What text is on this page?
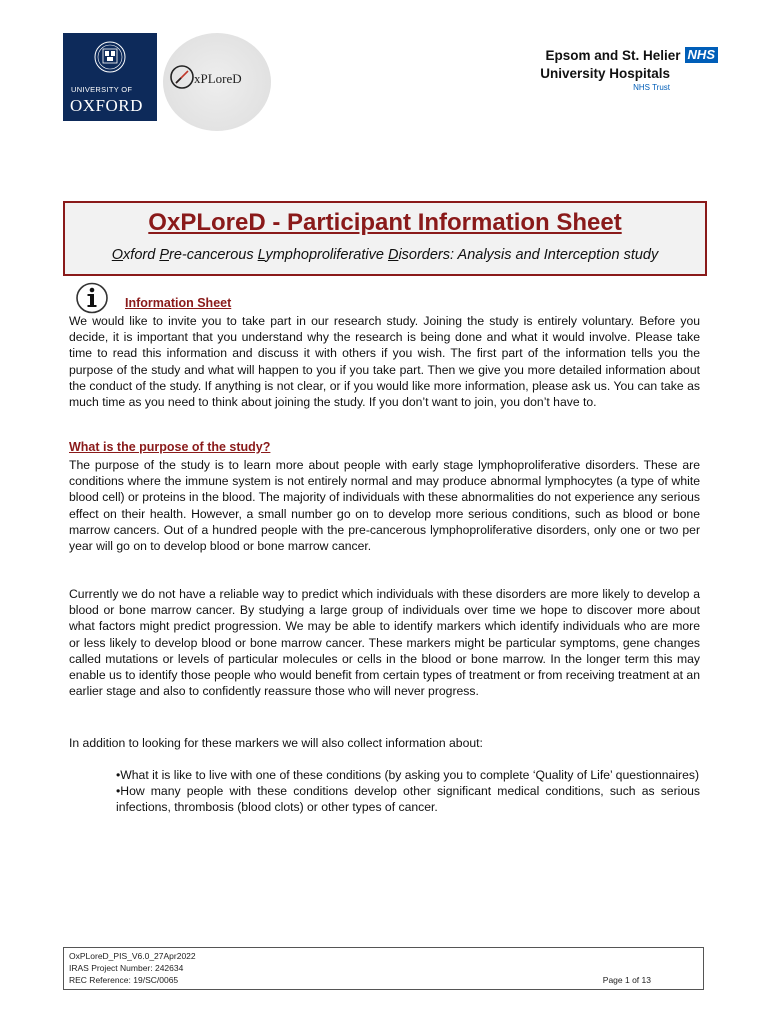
UNIVERSITY OF
OXFORD
xPLoreD
Epsom and St. Helier NHS
University Hospitals
NHS Trust
OxPLoreD - Participant Information Sheet
Oxford Pre-cancerous Lymphoproliferative Disorders: Analysis and Interception study
Information Sheet
We would like to invite you to take part in our research study. Joining the study is entirely voluntary. Before you decide, it is important that you understand why the research is being done and what it would involve. Please take time to read this information and discuss it with others if you wish. The first part of the information tells you the purpose of the study and what will happen to you if you take part. Then we give you more detailed information about the conduct of the study. If anything is not clear, or if you would like more information, please ask us. You can take as much time as you need to think about joining the study. If you don’t want to join, you don’t have to.
What is the purpose of the study?
The purpose of the study is to learn more about people with early stage lymphoproliferative disorders. These are conditions where the immune system is not entirely normal and may produce abnormal lymphocytes (a type of white blood cell) or proteins in the blood. The majority of individuals with these abnormalities do not experience any serious effect on their health. However, a small number go on to develop more serious conditions, such as blood or bone marrow cancers. Out of a hundred people with the pre-cancerous lymphoproliferative disorders, only one or two per year will go on to develop blood or bone marrow cancer.
Currently we do not have a reliable way to predict which individuals with these disorders are more likely to develop a blood or bone marrow cancer. By studying a large group of individuals over time we hope to discover more about what factors might predict progression. We may be able to identify markers which identify individuals who are more or less likely to develop blood or bone marrow cancer. These markers might be particular symptoms, gene changes called mutations or levels of particular molecules or cells in the blood or bone marrow. In the longer term this may enable us to identify those people who would benefit from certain types of treatment or from receiving treatment at an earlier stage and also to confidently reassure those who will never progress.
In addition to looking for these markers we will also collect information about:
•What it is like to live with one of these conditions (by asking you to complete ‘Quality of Life’ questionnaires)
•How many people with these conditions develop other significant medical conditions, such as serious infections, thrombosis (blood clots) or other types of cancer.
OxPLoreD_PIS_V6.0_27Apr2022
IRAS Project Number: 242634
REC Reference: 19/SC/0065	Page 1 of 13
